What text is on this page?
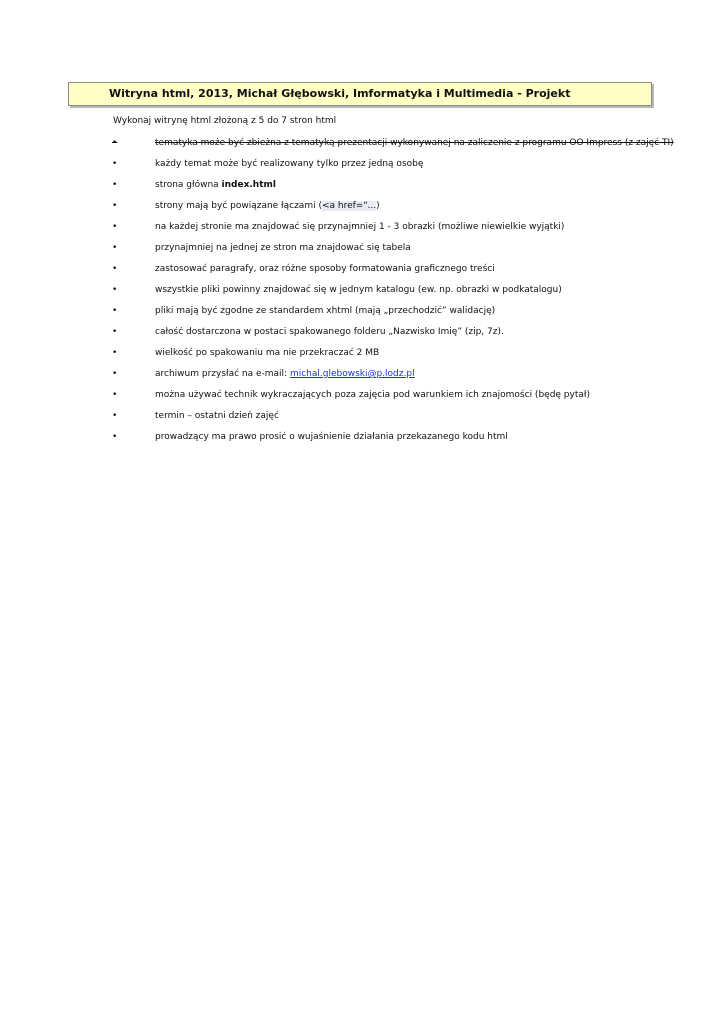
Witryna html, 2013, Michał Głębowski, Imformatyka i Multimedia - Projekt
Wykonaj witrynę html złożoną z 5 do 7 stron html
•	tematyka może być zbieżna z tematyką prezentacji wykonywanej na zaliczenie z programu OO Impress (z zajęć TI)
•	każdy temat może być realizowany tylko przez jedną osobę
•	strona główna index.html
•	strony mają być powiązane łączami (<a href="...)
•	na każdej stronie ma znajdować się przynajmniej 1 - 3 obrazki (możliwe niewielkie wyjątki)
•	przynajmniej na jednej ze stron ma znajdować się tabela
•	zastosować paragrafy, oraz różne sposoby formatowania graficznego treści
•	wszystkie pliki powinny znajdować się w jednym katalogu (ew. np. obrazki w podkatalogu)
•	pliki mają być zgodne ze standardem xhtml (mają „przechodzić” walidację)
•	całość dostarczona w postaci spakowanego folderu „Nazwisko Imię” (zip, 7z).
•	wielkość po spakowaniu ma nie przekraczać 2 MB
•	archiwum przysłać na e-mail: michal.glebowski@p.lodz.pl
•	można używać technik wykraczających poza zajęcia pod warunkiem ich znajomości (będę pytał)
•	termin – ostatni dzień zajęć
•	prowadzący ma prawo prosić o wujaśnienie działania przekazanego kodu html
